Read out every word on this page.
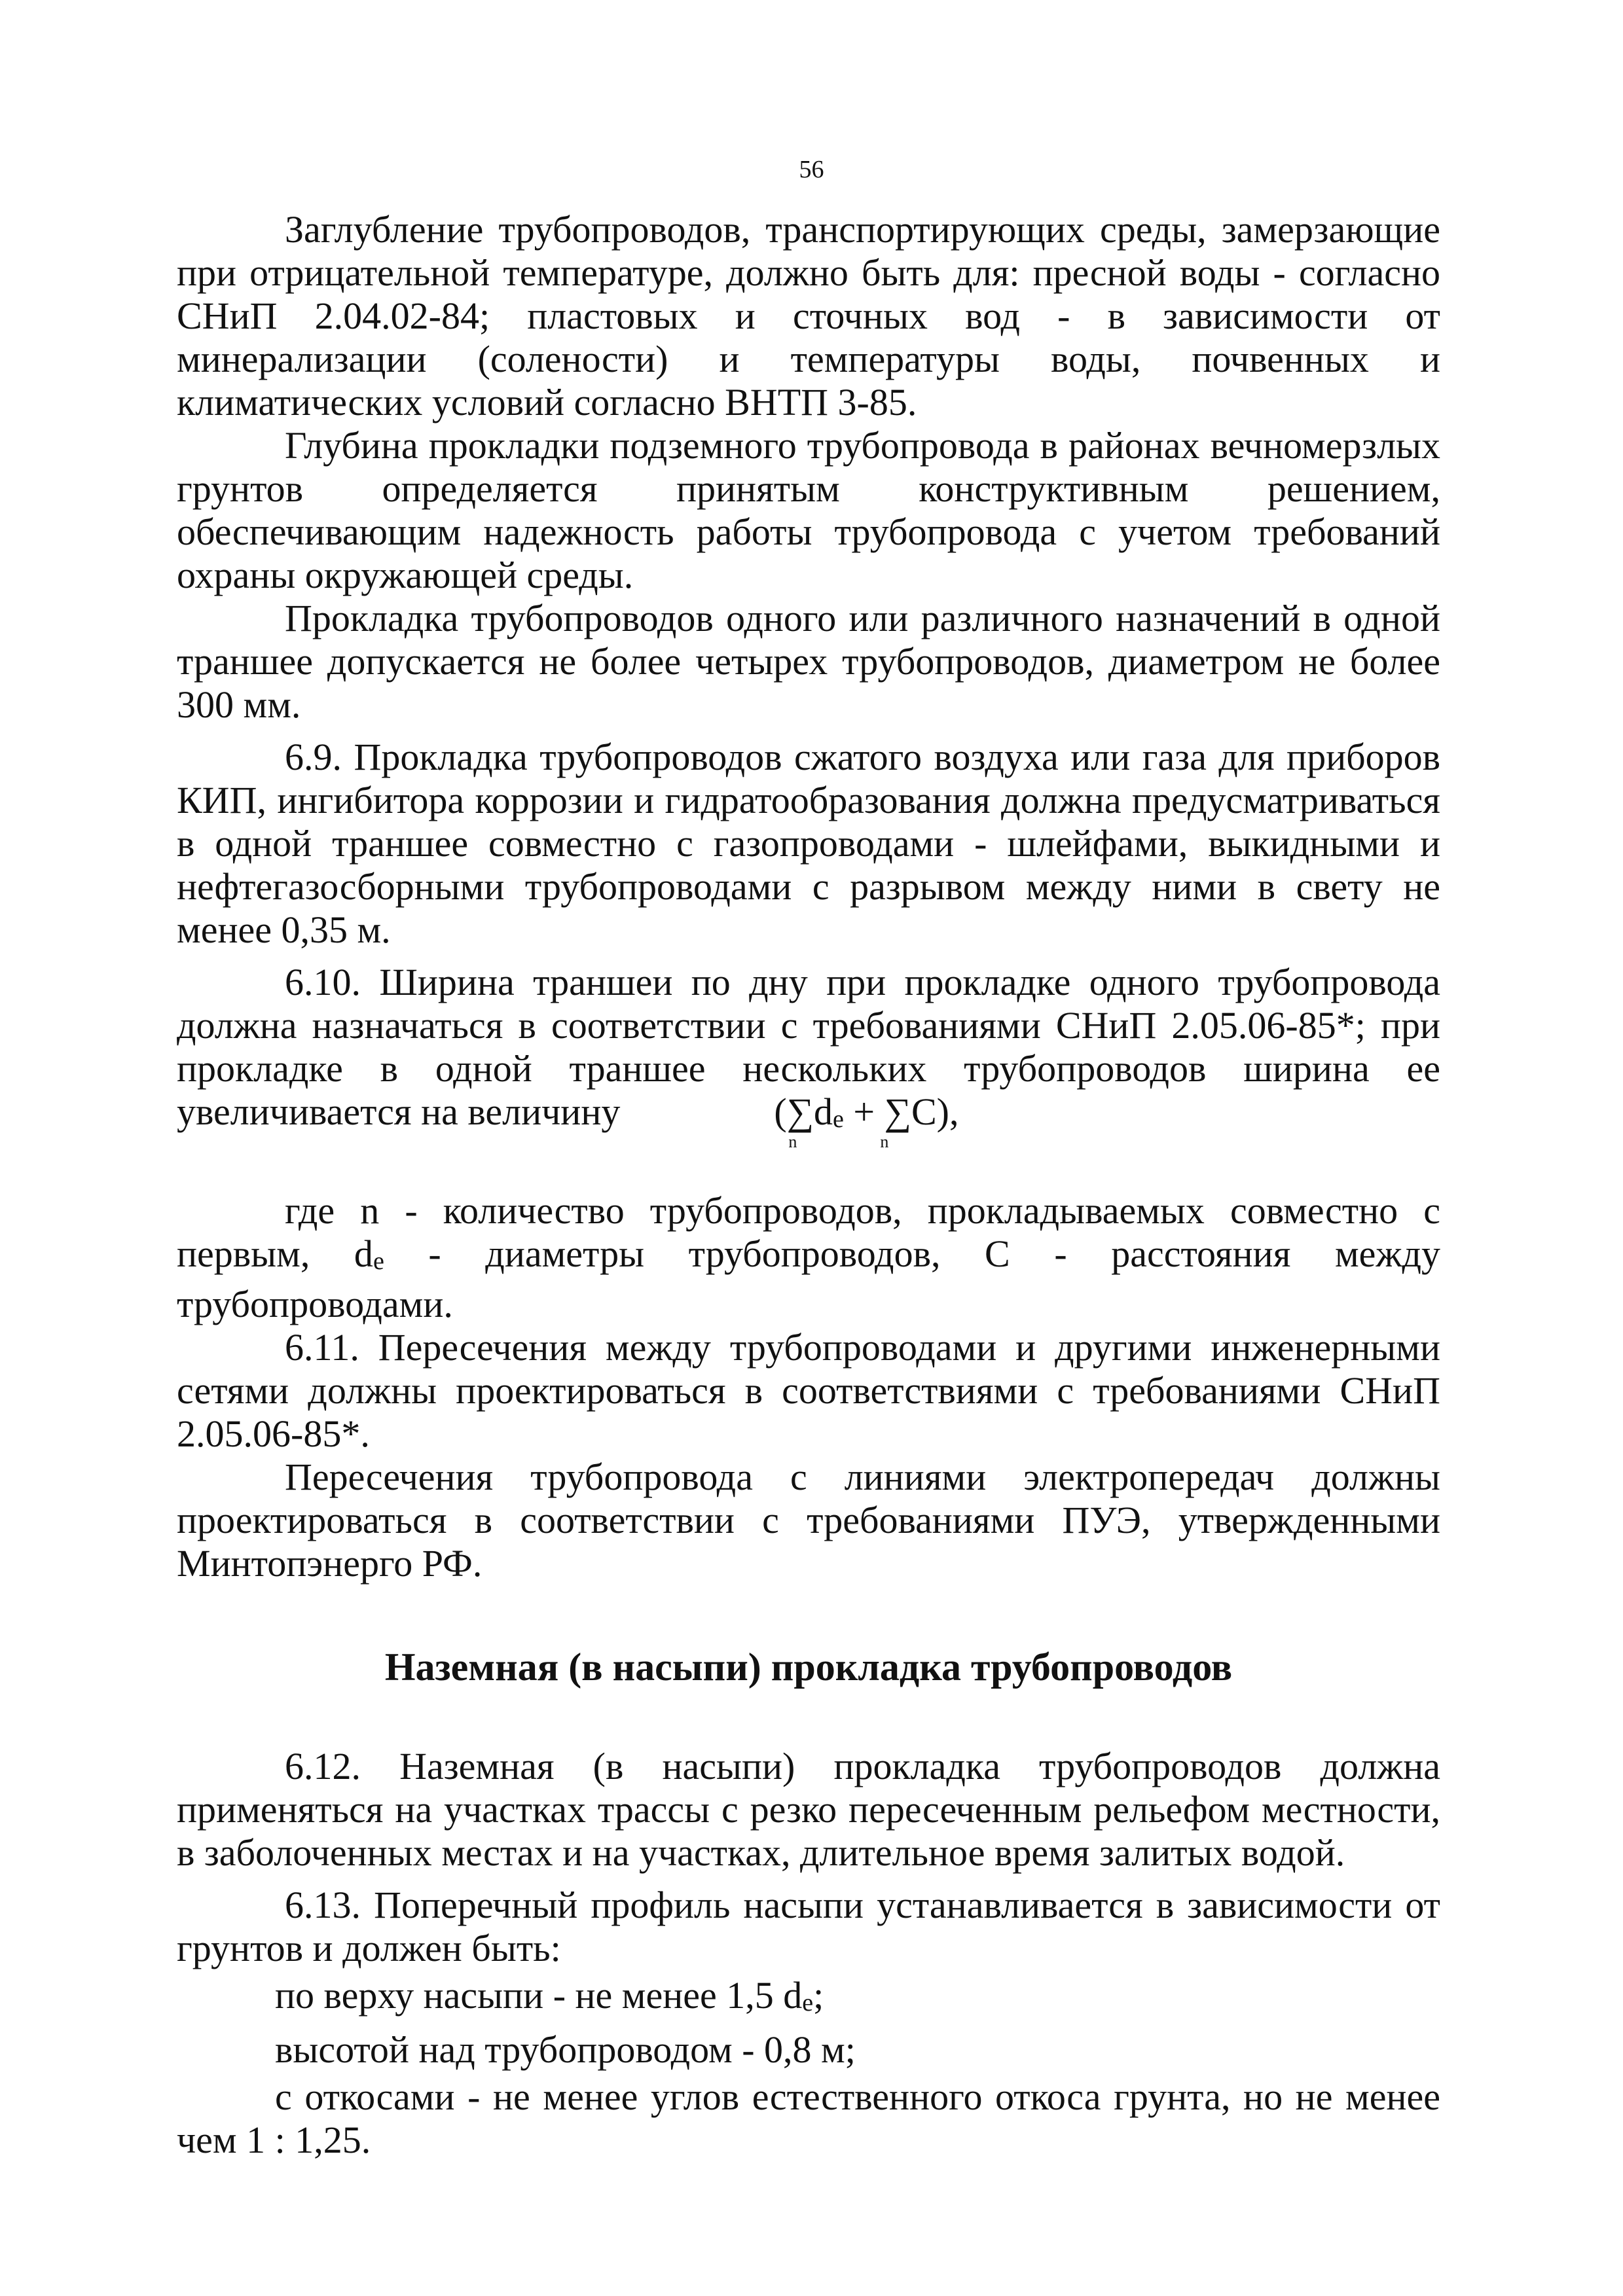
56

Заглубление трубопроводов, транспортирующих среды, замерзающие при отрицательной температуре, должно быть для: пресной воды - согласно СНиП 2.04.02-84; пластовых и сточных вод - в зависимости от минерализации (солености) и температуры воды, почвенных и климатических условий согласно ВНТП 3-85.

Глубина прокладки подземного трубопровода в районах вечномерзлых грунтов определяется принятым конструктивным решением, обеспечивающим надежность работы трубопровода с учетом требований охраны окружающей среды.

Прокладка трубопроводов одного или различного назначений в одной траншее допускается не более четырех трубопроводов, диаметром не более 300 мм.

6.9. Прокладка трубопроводов сжатого воздуха или газа для приборов КИП, ингибитора коррозии и гидратообразования должна предусматриваться в одной траншее совместно с газопроводами - шлейфами, выкидными и нефтегазосборными трубопроводами с разрывом между ними в свету не менее 0,35 м.

6.10. Ширина траншеи по дну при прокладке одного трубопровода должна назначаться в соответствии с требованиями СНиП 2.05.06-85*; при прокладке в одной траншее нескольких трубопроводов ширина ее увеличивается на величину	(∑de + ∑C),
n	n

где n - количество трубопроводов, прокладываемых совместно с первым, de - диаметры трубопроводов, С - расстояния между трубопроводами.

6.11. Пересечения между трубопроводами и другими инженерными сетями должны проектироваться в соответствиями с требованиями СНиП 2.05.06-85*.

Пересечения трубопровода с линиями электропередач должны проектироваться в соответствии с требованиями ПУЭ, утвержденными Минтопэнерго РФ.

Наземная (в насыпи) прокладка трубопроводов

6.12. Наземная (в насыпи) прокладка трубопроводов должна применяться на участках трассы с резко пересеченным рельефом местности, в заболоченных местах и на участках, длительное время залитых водой.

6.13. Поперечный профиль насыпи устанавливается в зависимости от грунтов и должен быть:

по верху насыпи - не менее 1,5 de;

высотой над трубопроводом - 0,8 м;

с откосами - не менее углов естественного откоса грунта, но не менее чем 1 : 1,25.
